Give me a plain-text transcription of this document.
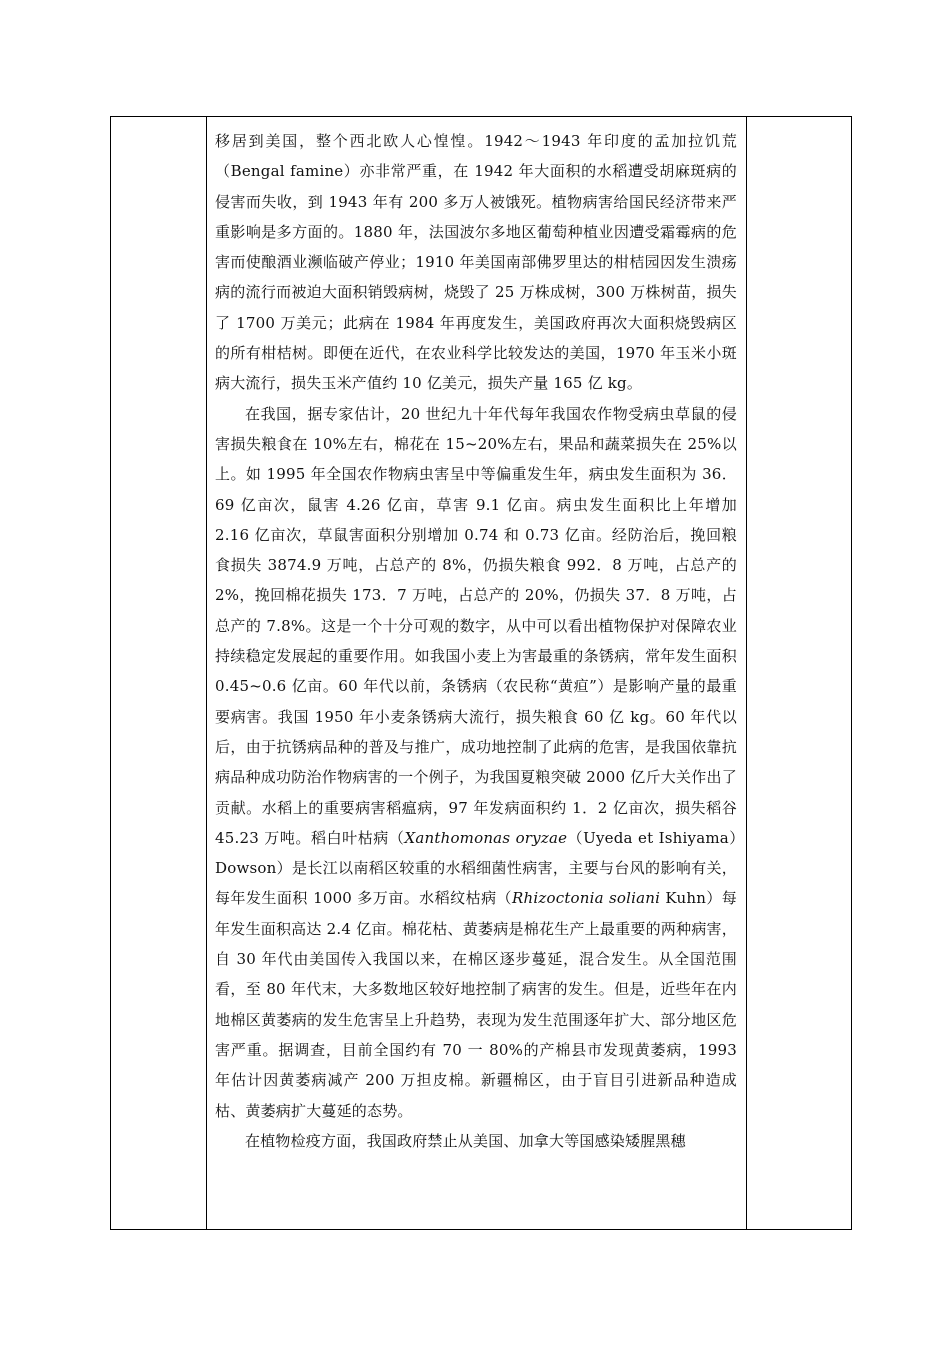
移居到美国，整个西北欧人心惶惶。1942～1943 年印度的孟加拉饥荒（Bengal famine）亦非常严重，在 1942 年大面积的水稻遭受胡麻斑病的侵害而失收，到 1943 年有 200 多万人被饿死。植物病害给国民经济带来严重影响是多方面的。1880 年，法国波尔多地区葡萄种植业因遭受霜霉病的危害而使酿酒业濒临破产停业；1910 年美国南部佛罗里达的柑桔园因发生溃疡病的流行而被迫大面积销毁病树，烧毁了 25 万株成树，300 万株树苗，损失了 1700 万美元；此病在 1984 年再度发生，美国政府再次大面积烧毁病区的所有柑桔树。即便在近代，在农业科学比较发达的美国，1970 年玉米小斑病大流行，损失玉米产值约 10 亿美元，损失产量 165 亿 kg。

在我国，据专家估计，20 世纪九十年代每年我国农作物受病虫草鼠的侵害损失粮食在 10%左右，棉花在 15~20%左右，果品和蔬菜损失在 25%以上。如 1995 年全国农作物病虫害呈中等偏重发生年，病虫发生面积为 36．69 亿亩次，鼠害 4.26 亿亩，草害 9.1 亿亩。病虫发生面积比上年增加 2.16 亿亩次，草鼠害面积分别增加 0.74 和 0.73 亿亩。经防治后，挽回粮食损失 3874.9 万吨，占总产的 8%，仍损失粮食 992．8 万吨，占总产的 2%，挽回棉花损失 173．7 万吨，占总产的 20%，仍损失 37．8 万吨，占总产的 7.8%。这是一个十分可观的数字，从中可以看出植物保护对保障农业持续稳定发展起的重要作用。如我国小麦上为害最重的条锈病，常年发生面积 0.45~0.6 亿亩。60 年代以前，条锈病（农民称“黄疸”）是影响产量的最重要病害。我国 1950 年小麦条锈病大流行，损失粮食 60 亿 kg。60 年代以后，由于抗锈病品种的普及与推广，成功地控制了此病的危害，是我国依靠抗病品种成功防治作物病害的一个例子，为我国夏粮突破 2000 亿斤大关作出了贡献。水稻上的重要病害稻瘟病，97 年发病面积约 1．2 亿亩次，损失稻谷 45.23 万吨。稻白叶枯病（Xanthomonas oryzae（Uyeda et Ishiyama）Dowson）是长江以南稻区较重的水稻细菌性病害，主要与台风的影响有关，每年发生面积 1000 多万亩。水稻纹枯病（Rhizoctonia soliani Kuhn）每年发生面积高达 2.4 亿亩。棉花枯、黄萎病是棉花生产上最重要的两种病害，自 30 年代由美国传入我国以来，在棉区逐步蔓延，混合发生。从全国范围看，至 80 年代末，大多数地区较好地控制了病害的发生。但是，近些年在内地棉区黄萎病的发生危害呈上升趋势，表现为发生范围逐年扩大、部分地区危害严重。据调查，目前全国约有 70 一 80%的产棉县市发现黄萎病，1993 年估计因黄萎病减产 200 万担皮棉。新疆棉区，由于盲目引进新品种造成枯、黄萎病扩大蔓延的态势。

在植物检疫方面，我国政府禁止从美国、加拿大等国感染矮腥黑穗
